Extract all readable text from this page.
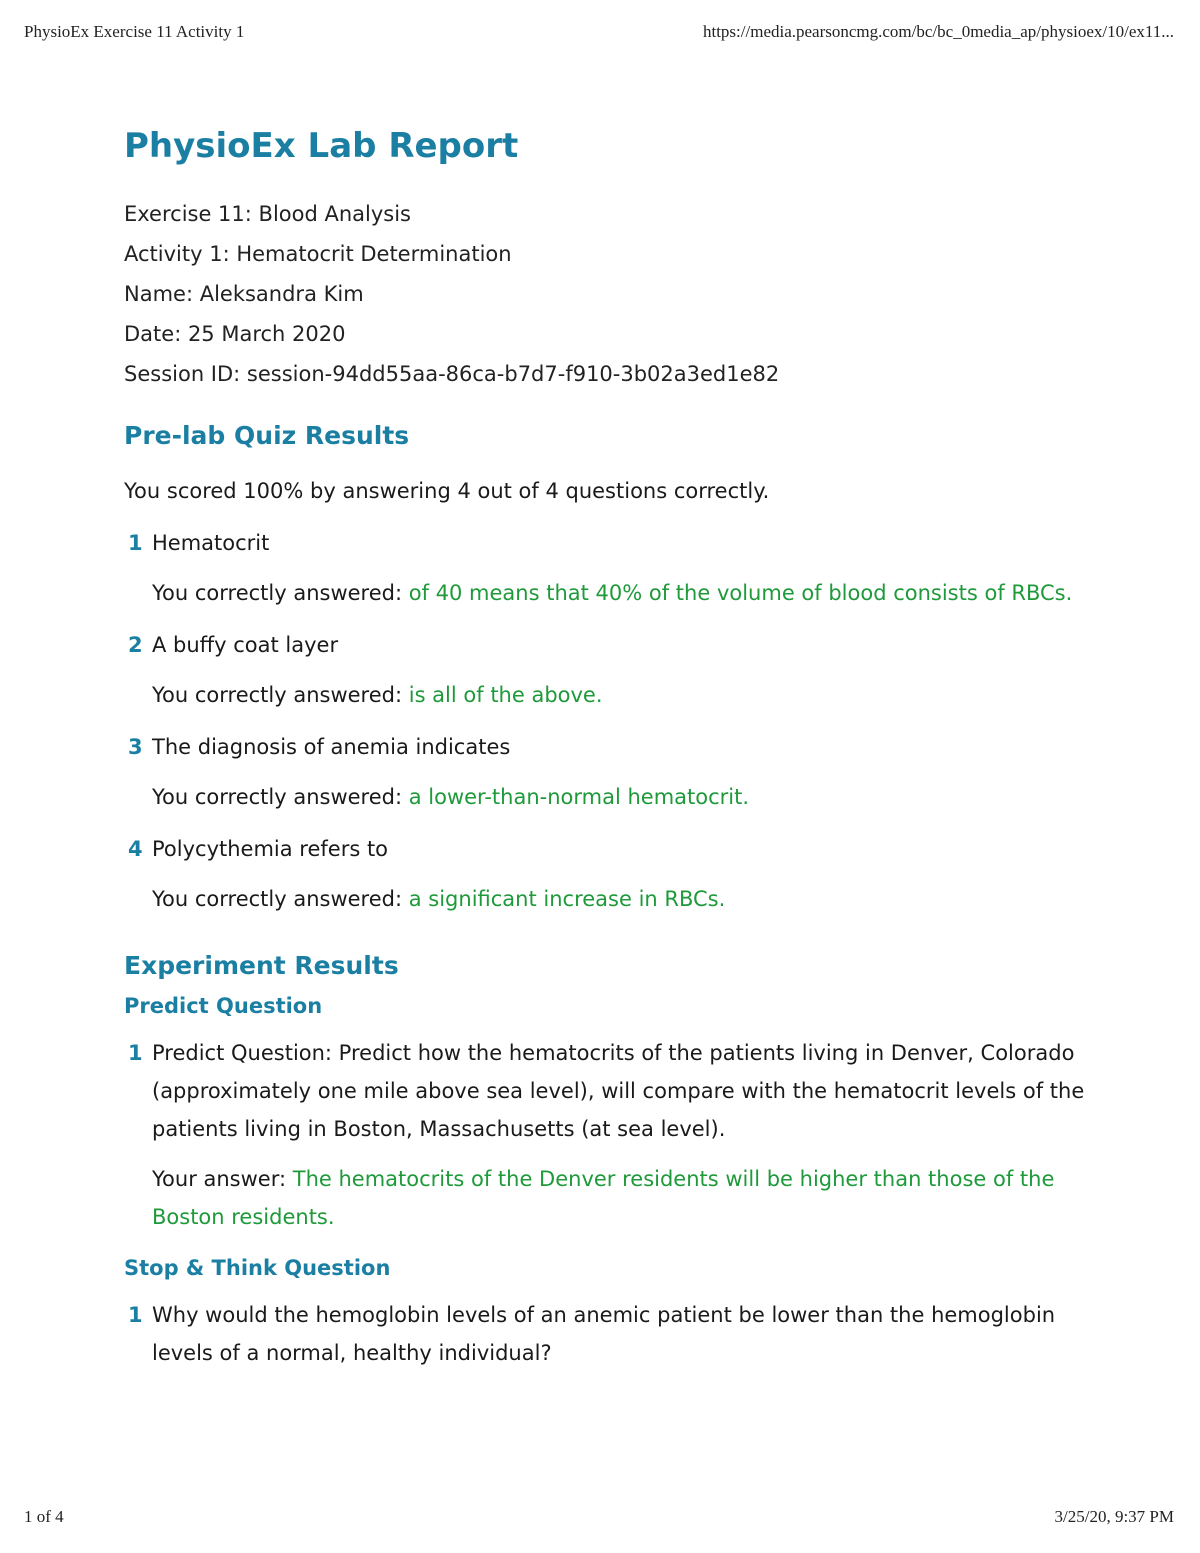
PhysioEx Exercise 11 Activity 1	https://media.pearsoncmg.com/bc/bc_0media_ap/physioex/10/ex11...
PhysioEx Lab Report
Exercise 11: Blood Analysis
Activity 1: Hematocrit Determination
Name: Aleksandra Kim
Date: 25 March 2020
Session ID: session-94dd55aa-86ca-b7d7-f910-3b02a3ed1e82
Pre-lab Quiz Results
You scored 100% by answering 4 out of 4 questions correctly.
1 Hematocrit
You correctly answered: of 40 means that 40% of the volume of blood consists of RBCs.
2 A buffy coat layer
You correctly answered: is all of the above.
3 The diagnosis of anemia indicates
You correctly answered: a lower-than-normal hematocrit.
4 Polycythemia refers to
You correctly answered: a significant increase in RBCs.
Experiment Results
Predict Question
1 Predict Question: Predict how the hematocrits of the patients living in Denver, Colorado (approximately one mile above sea level), will compare with the hematocrit levels of the patients living in Boston, Massachusetts (at sea level).
Your answer: The hematocrits of the Denver residents will be higher than those of the Boston residents.
Stop & Think Question
1 Why would the hemoglobin levels of an anemic patient be lower than the hemoglobin levels of a normal, healthy individual?
1 of 4	3/25/20, 9:37 PM
